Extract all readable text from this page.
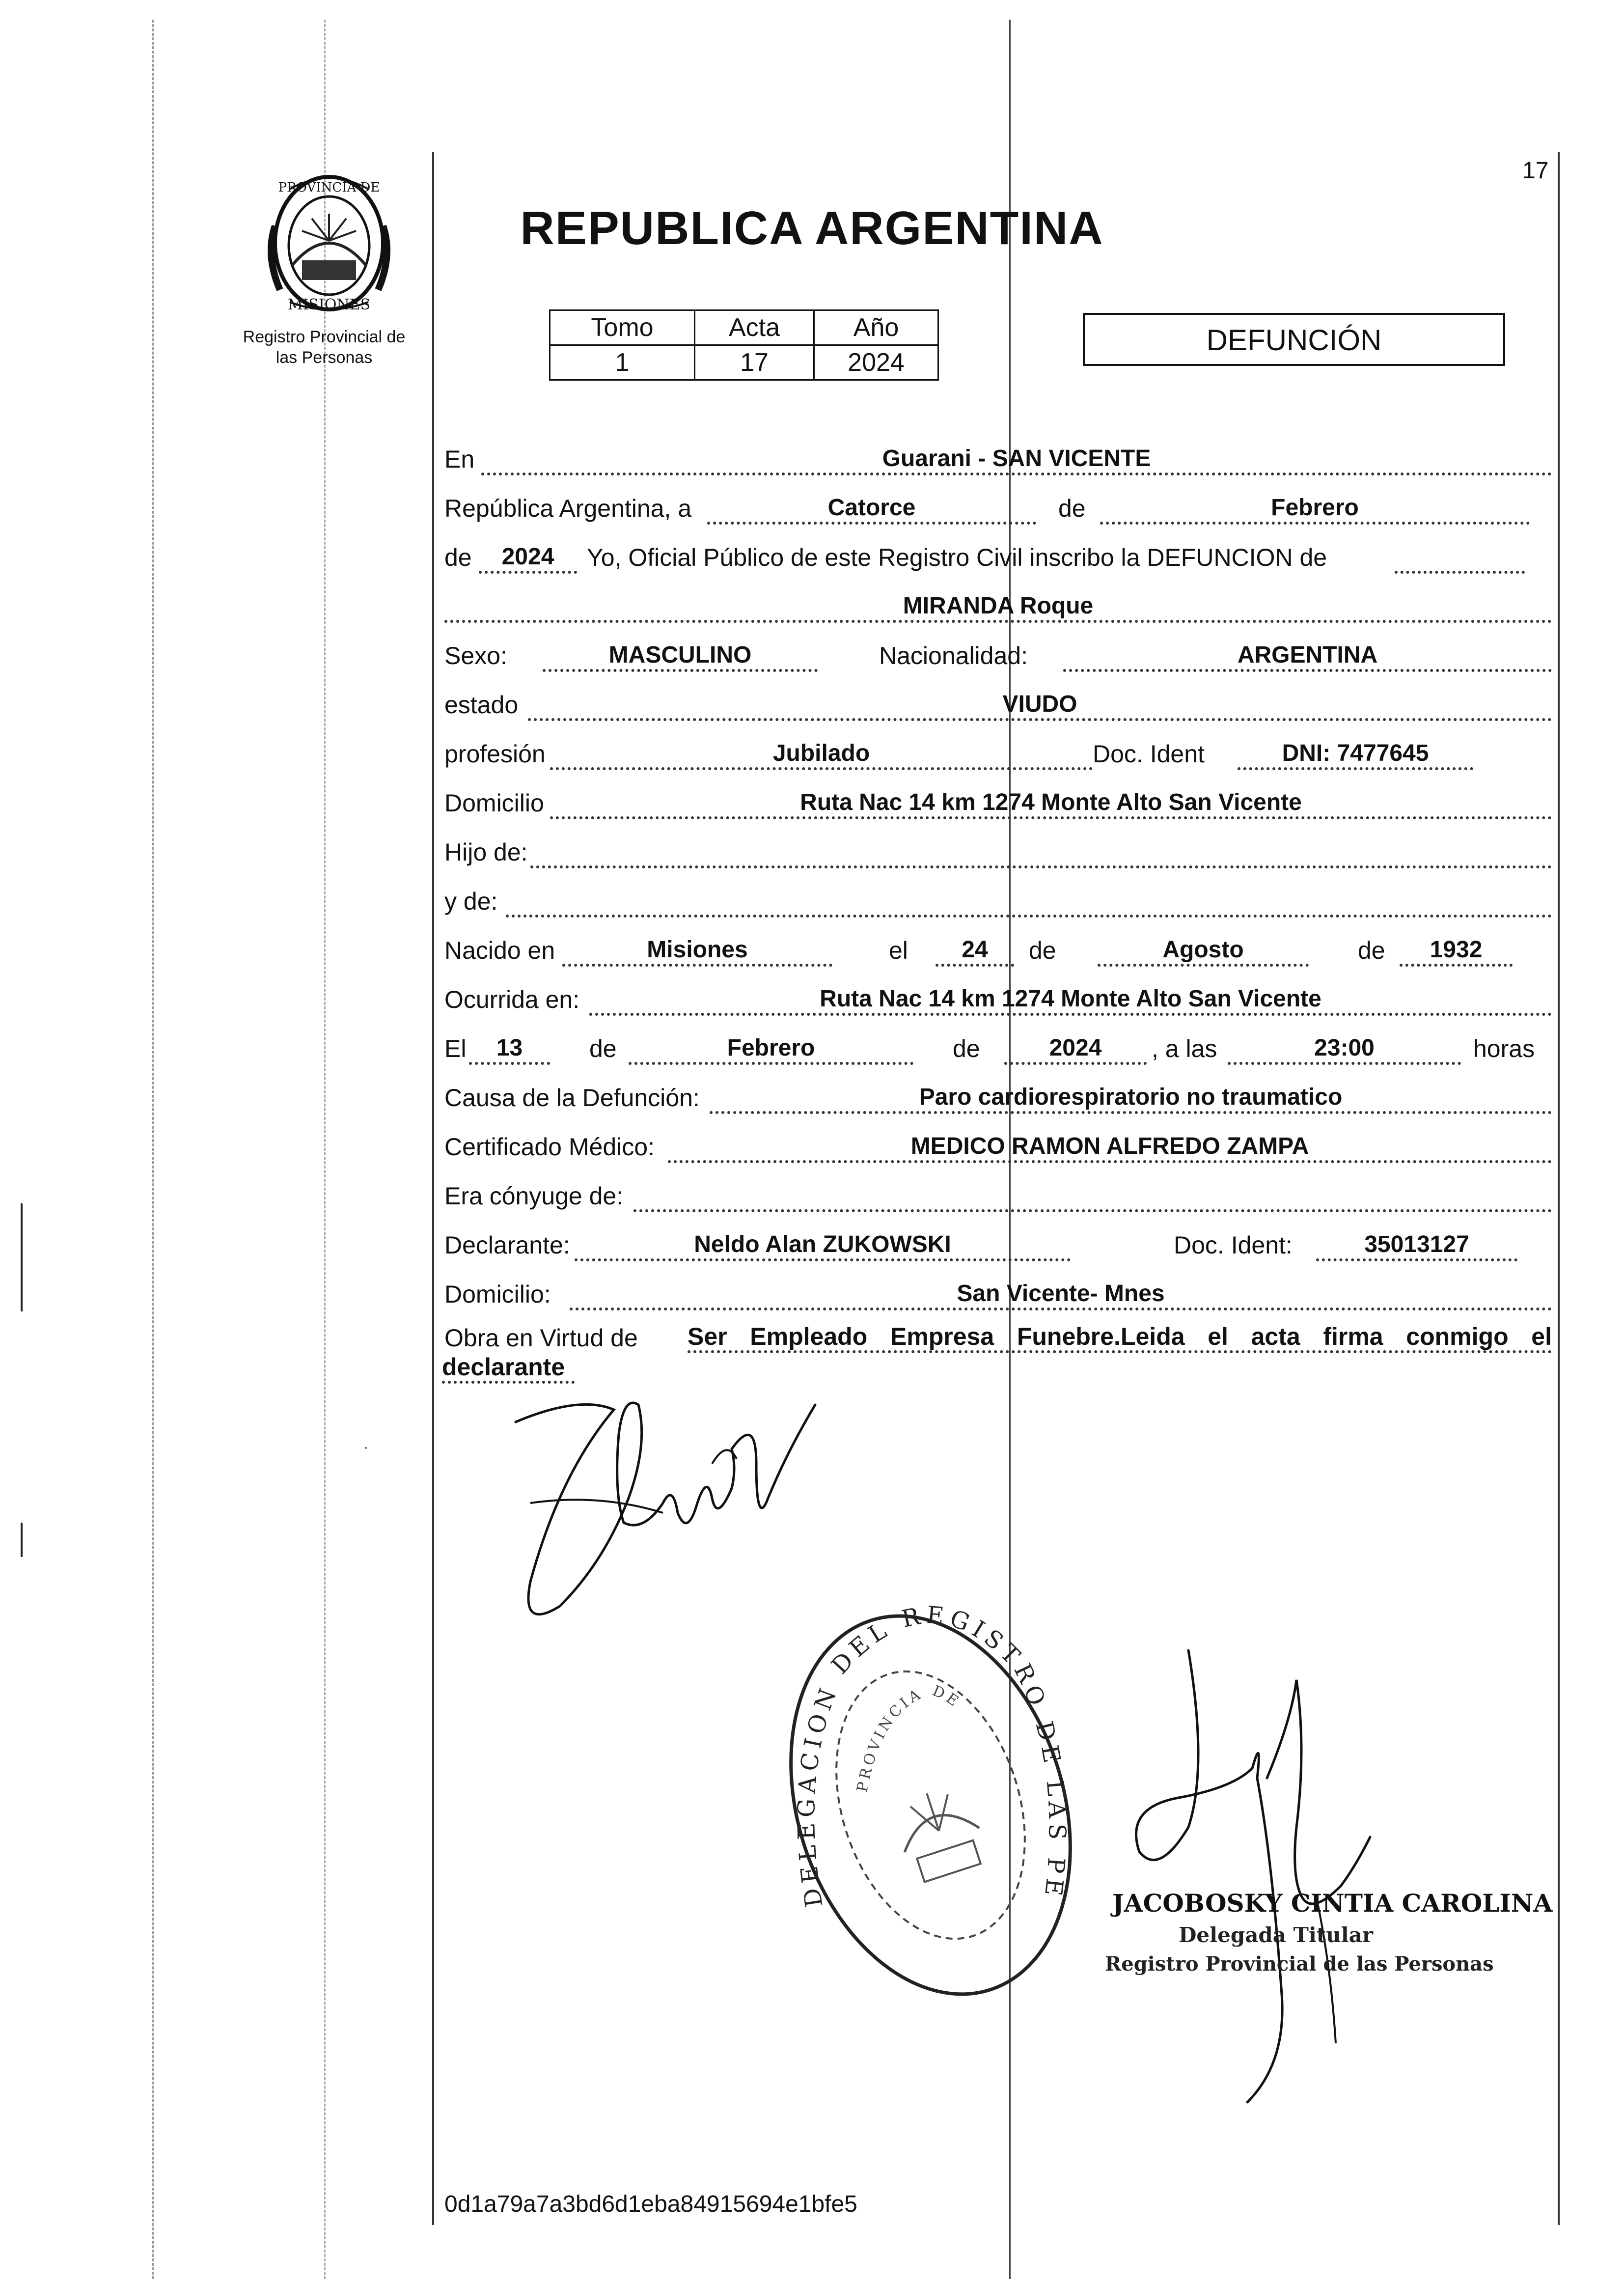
17
PROVINCIA DE
MISIONES
Registro Provincial de
las Personas
REPUBLICA ARGENTINA
Tomo	Acta	Año
1	17	2024
DEFUNCIÓN
En	Guarani - SAN VICENTE
República Argentina, a	Catorce	de	Febrero
de	2024	Yo, Oficial Público de este Registro Civil inscribo la DEFUNCION de
MIRANDA Roque
Sexo:	MASCULINO	Nacionalidad:	ARGENTINA
estado	VIUDO
profesión	Jubilado	Doc. Ident	DNI: 7477645
Domicilio	Ruta Nac 14 km 1274 Monte Alto San Vicente
Hijo de:
y de:
Nacido en	Misiones	el	24	de	Agosto	de	1932
Ocurrida en:	Ruta Nac 14 km 1274 Monte Alto San Vicente
El	13	de	Febrero	de	2024	, a las	23:00	horas
Causa de la Defunción:	Paro cardiorespiratorio no traumatico
Certificado Médico:	MEDICO RAMON ALFREDO ZAMPA
Era cónyuge de:
Declarante:	Neldo Alan ZUKOWSKI	Doc. Ident:	35013127
Domicilio:	San Vicente- Mnes
Obra en Virtud de Ser Empleado Empresa Funebre.Leida el acta firma conmigo el
declarante
DELEGACION DEL REGISTRO DE LAS PE
PROVINCIA DE
JACOBOSKY CINTIA CAROLINA
Delegada Titular
Registro Provincial de las Personas
·
0d1a79a7a3bd6d1eba84915694e1bfe5
